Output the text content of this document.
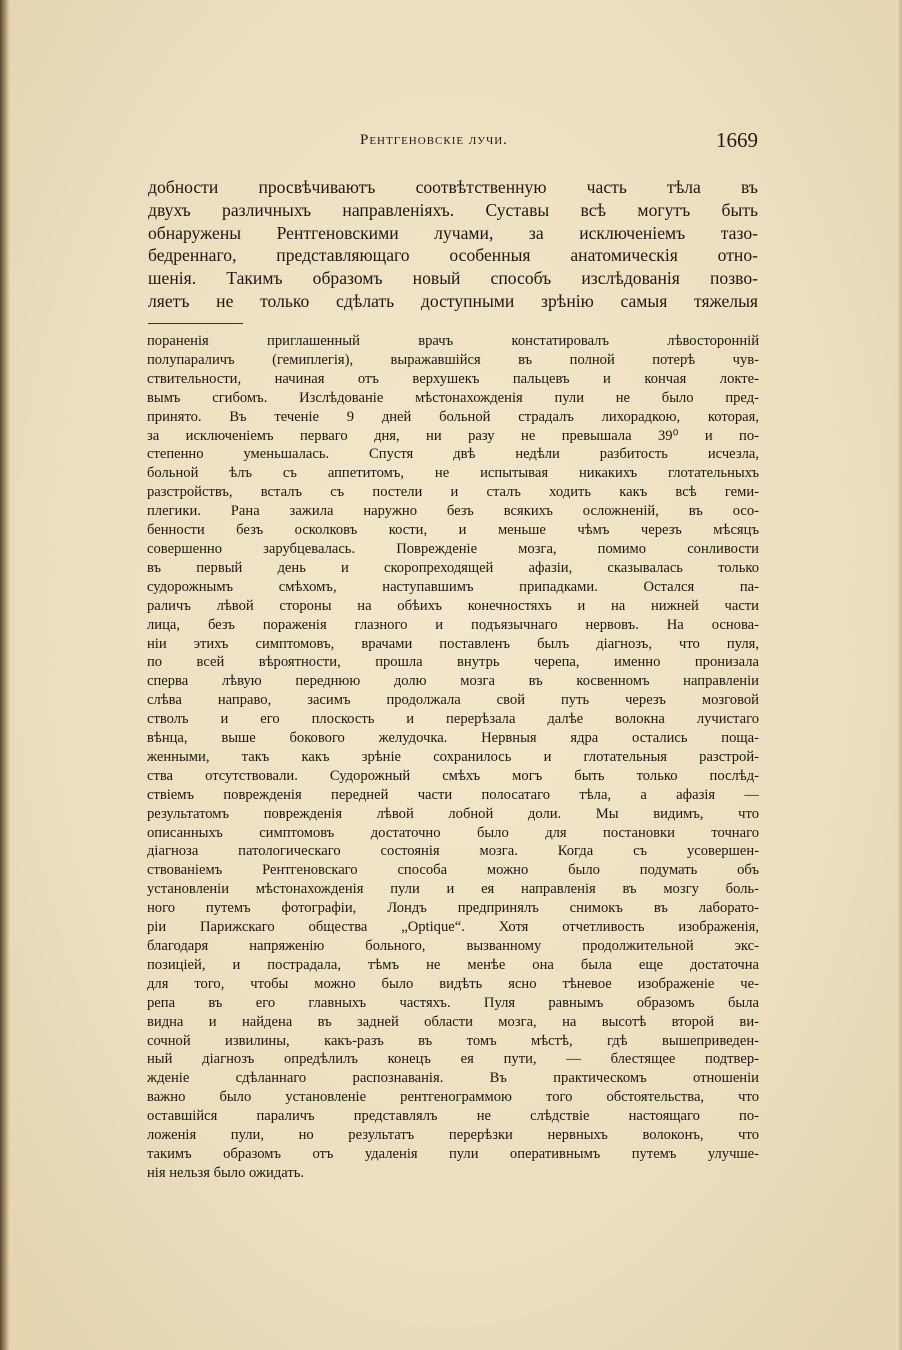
Рентгеновскіе лучи.	1669
добности просвѣчиваютъ соотвѣтственную часть тѣла въ
двухъ различныхъ направленіяхъ. Суставы всѣ могутъ быть
обнаружены Рентгеновскими лучами, за исключеніемъ тазо-
бедреннаго, представляющаго особенныя анатомическія отно-
шенія. Такимъ образомъ новый способъ изслѣдованія позво-
ляетъ не только сдѣлать доступными зрѣнію самыя тяжелыя
пораненія приглашенный врачъ констатировалъ лѣвосторонній
полупараличъ (гемиплегія), выражавшійся въ полной потерѣ чув-
ствительности, начиная отъ верхушекъ пальцевъ и кончая локте-
вымъ сгибомъ. Изслѣдованіе мѣстонахожденія пули не было пред-
принято. Въ теченіе 9 дней больной страдалъ лихорадкою, которая,
за исключеніемъ перваго дня, ни разу не превышала 39⁰ и по-
степенно уменьшалась. Спустя двѣ недѣли разбитость исчезла,
больной ѣлъ съ аппетитомъ, не испытывая никакихъ глотательныхъ
разстройствъ, всталъ съ постели и сталъ ходить какъ всѣ геми-
плегики. Рана зажила наружно безъ всякихъ осложненій, въ осо-
бенности безъ осколковъ кости, и меньше чѣмъ черезъ мѣсяцъ
совершенно зарубцевалась. Поврежденіе мозга, помимо сонливости
въ первый день и скоропреходящей афазіи, сказывалась только
судорожнымъ смѣхомъ, наступавшимъ припадками. Остался па-
раличъ лѣвой стороны на обѣихъ конечностяхъ и на нижней части
лица, безъ пораженія глазного и подъязычнаго нервовъ. На основа-
ніи этихъ симптомовъ, врачами поставленъ былъ діагнозъ, что пуля,
по всей вѣроятности, прошла внутрь черепа, именно пронизала
сперва лѣвую переднюю долю мозга въ косвенномъ направленіи
слѣва направо, засимъ продолжала свой путь черезъ мозговой
стволъ и его плоскость и перерѣзала далѣе волокна лучистаго
вѣнца, выше бокового желудочка. Нервныя ядра остались поща-
женными, такъ какъ зрѣніе сохранилось и глотательныя разстрой-
ства отсутствовали. Судорожный смѣхъ могъ быть только послѣд-
ствіемъ поврежденія передней части полосатаго тѣла, а афазія —
результатомъ поврежденія лѣвой лобной доли. Мы видимъ, что
описанныхъ симптомовъ достаточно было для постановки точнаго
діагноза патологическаго состоянія мозга. Когда съ усовершен-
ствованіемъ Рентгеновскаго способа можно было подумать объ
установленіи мѣстонахожденія пули и ея направленія въ мозгу боль-
ного путемъ фотографіи, Лондъ предпринялъ снимокъ въ лаборато-
ріи Парижскаго общества „Optique“. Хотя отчетливость изображенія,
благодаря напряженію больного, вызванному продолжительной экс-
позиціей, и пострадала, тѣмъ не менѣе она была еще достаточна
для того, чтобы можно было видѣть ясно тѣневое изображеніе че-
репа въ его главныхъ частяхъ. Пуля равнымъ образомъ была
видна и найдена въ задней области мозга, на высотѣ второй ви-
сочной извилины, какъ-разъ въ томъ мѣстѣ, гдѣ вышеприведен-
ный діагнозъ опредѣлилъ конецъ ея пути, — блестящее подтвер-
жденіе сдѣланнаго распознаванія. Въ практическомъ отношеніи
важно было установленіе рентгенограммою того обстоятельства, что
оставшійся параличъ представлялъ не слѣдствіе настоящаго по-
ложенія пули, но результатъ перерѣзки нервныхъ волоконъ, что
такимъ образомъ отъ удаленія пули оперативнымъ путемъ улучше-
нія нельзя было ожидать.
